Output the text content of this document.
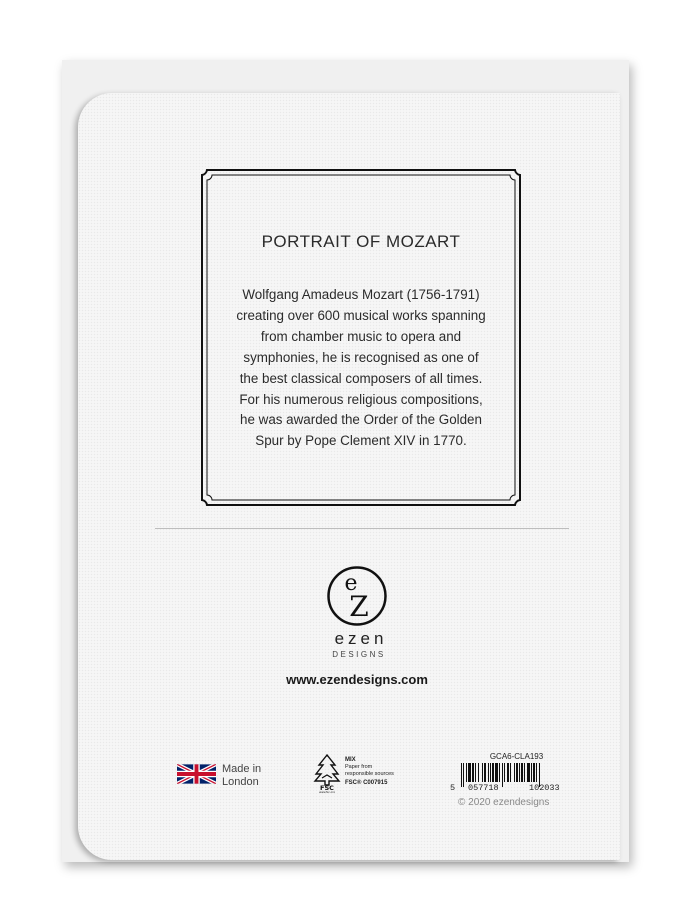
PORTRAIT OF MOZART

Wolfgang Amadeus Mozart (1756-1791)
creating over 600 musical works spanning
from chamber music to opera and
symphonies, he is recognised as one of
the best classical composers of all times.
For his numerous religious compositions,
he was awarded the Order of the Golden
Spur by Pope Clement XIV in 1770.

e
Z
ezen
DESIGNS
www.ezendesigns.com
Made in
London	FSC
www.fsc.org
MIX
Paper from
responsible sources
FSC® C007915
GCA6-CLA193
5 057718	102033
© 2020 ezendesigns
